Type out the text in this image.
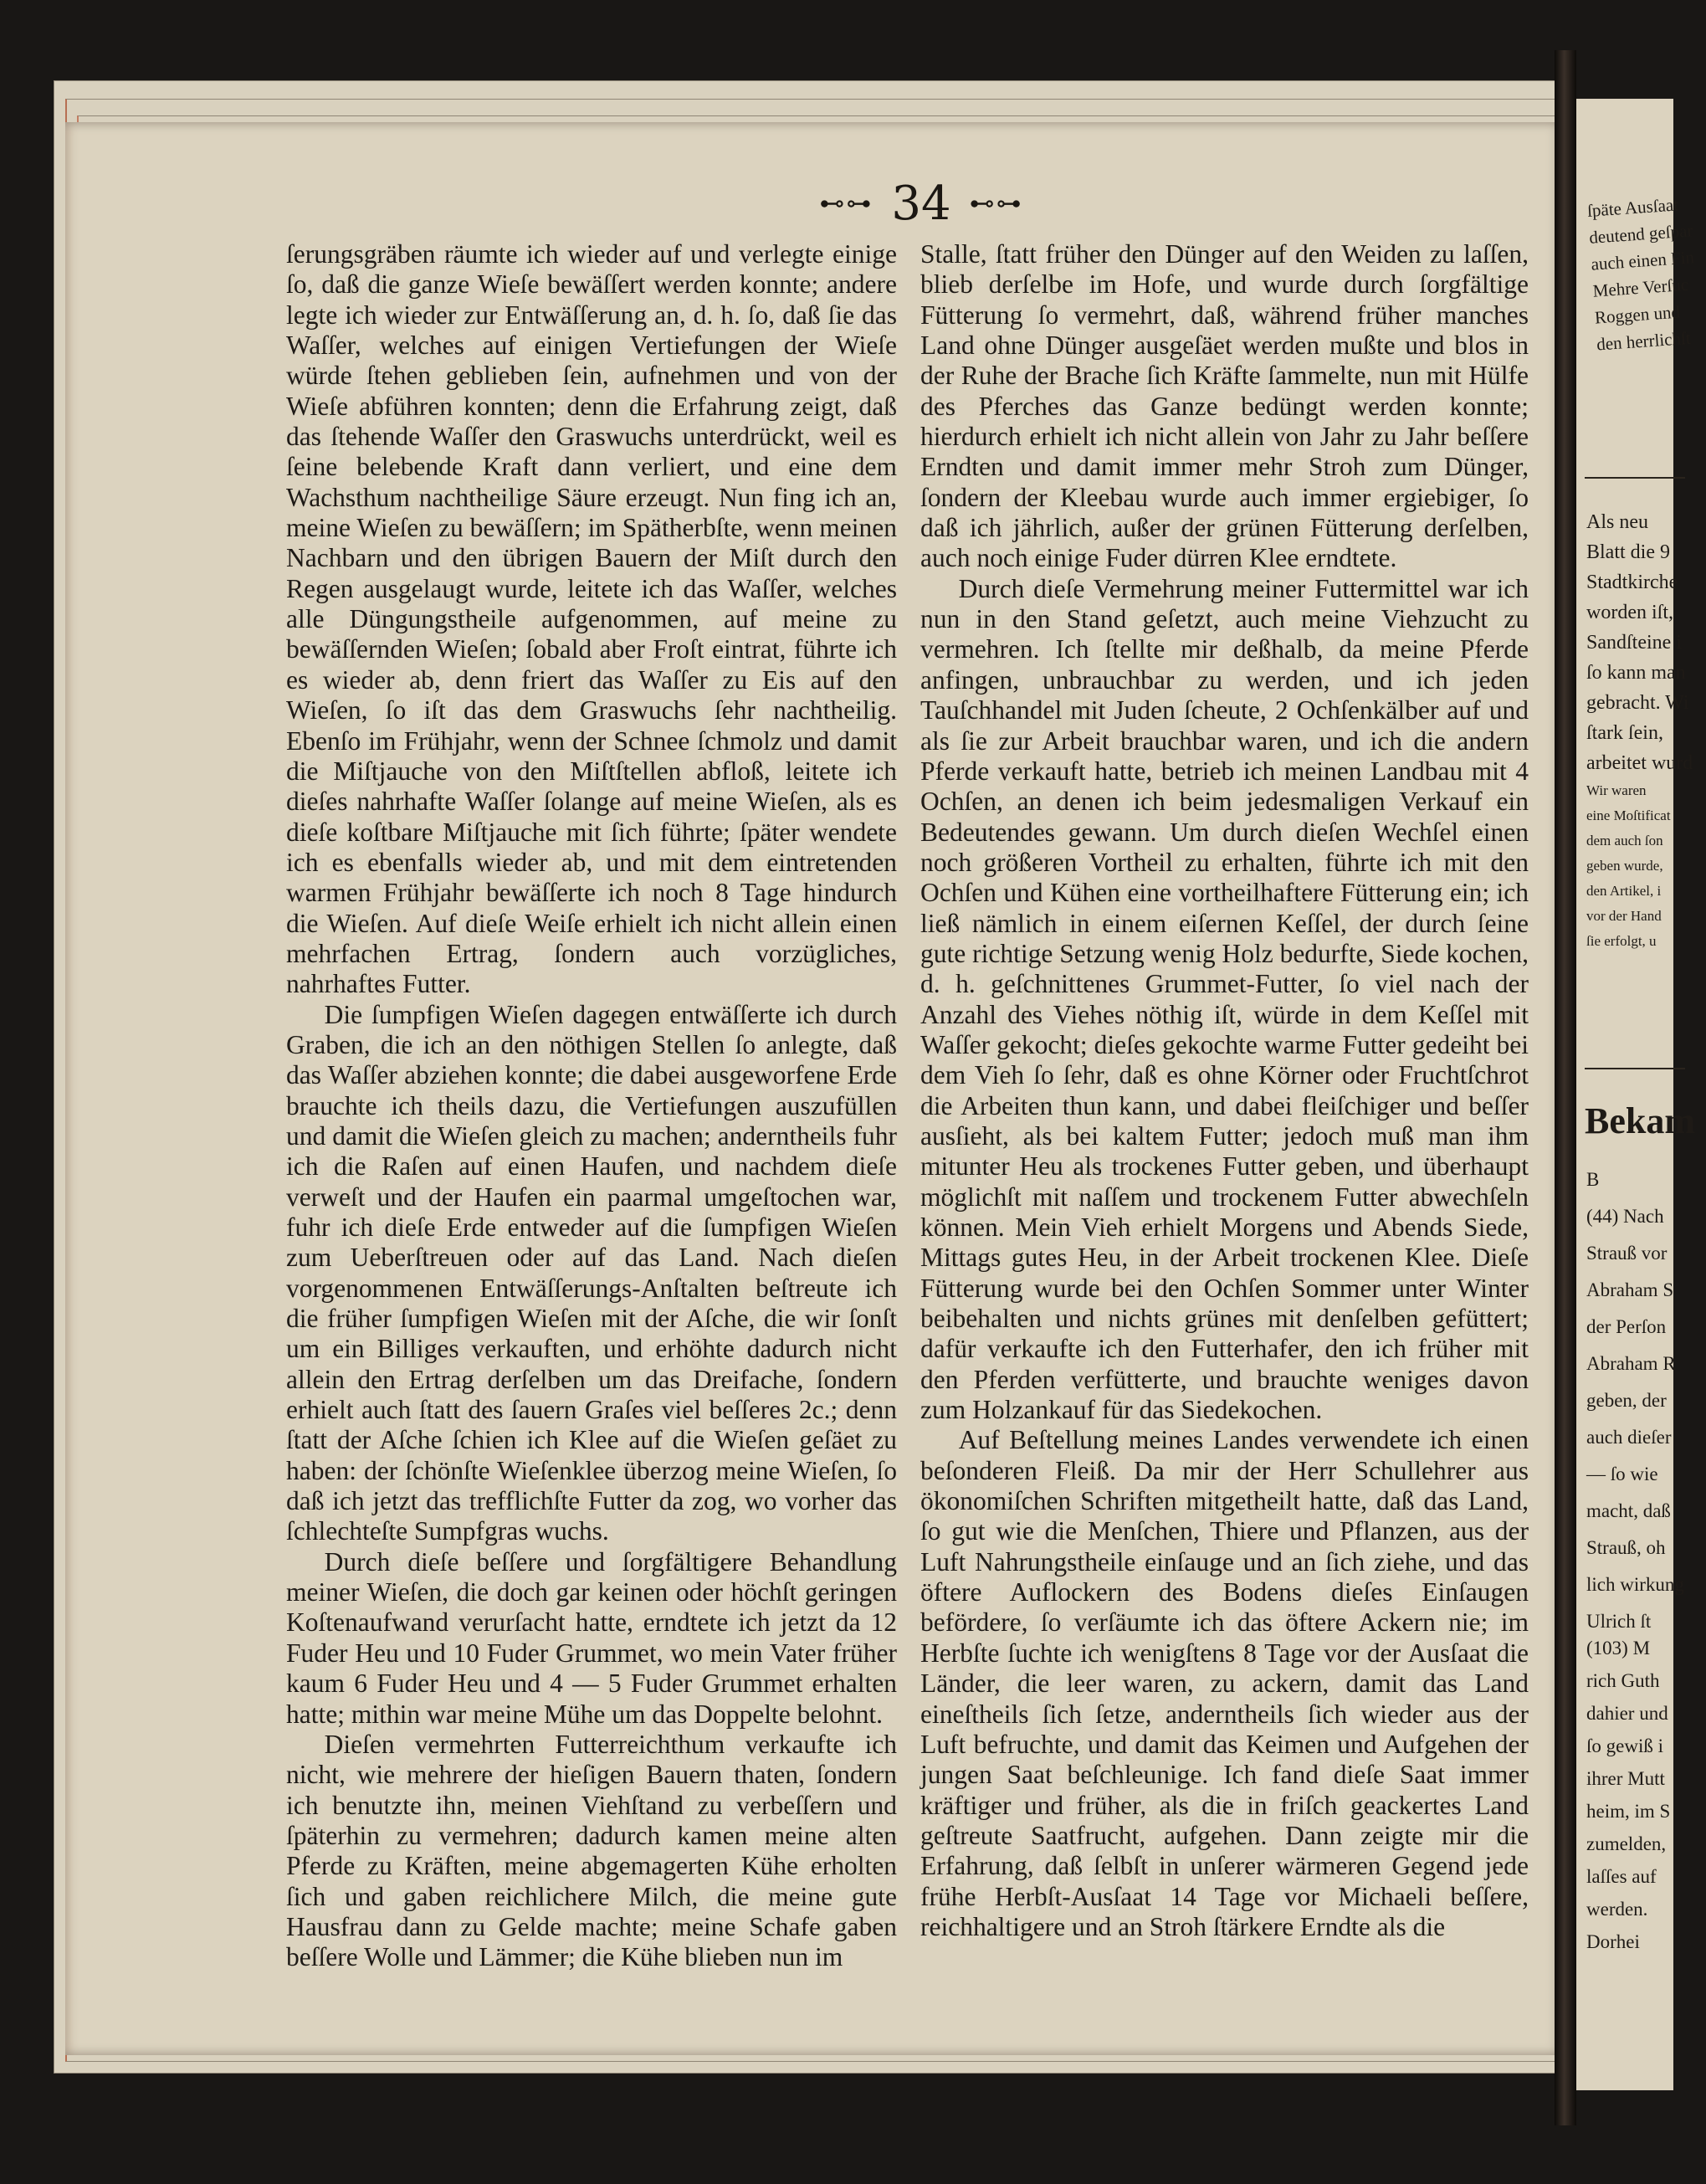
⊷⊶ 34 ⊷⊶

ſerungsgräben räumte ich wieder auf und verlegte einige ſo, daß die ganze Wieſe bewäſſert werden konnte; andere legte ich wieder zur Entwäſſerung an, d. h. ſo, daß ſie das Waſſer, welches auf einigen Vertiefungen der Wieſe würde ſtehen geblieben ſein, aufnehmen und von der Wieſe abführen konnten; denn die Erfahrung zeigt, daß das ſtehende Waſſer den Graswuchs unterdrückt, weil es ſeine belebende Kraft dann verliert, und eine dem Wachsthum nachtheilige Säure erzeugt. Nun fing ich an, meine Wieſen zu bewäſſern; im Spätherbſte, wenn meinen Nachbarn und den übrigen Bauern der Miſt durch den Regen ausgelaugt wurde, leitete ich das Waſſer, welches alle Düngungstheile aufgenommen, auf meine zu bewäſſernden Wieſen; ſobald aber Froſt eintrat, führte ich es wieder ab, denn friert das Waſſer zu Eis auf den Wieſen, ſo iſt das dem Graswuchs ſehr nachtheilig. Ebenſo im Frühjahr, wenn der Schnee ſchmolz und damit die Miſtjauche von den Miſtſtellen abfloß, leitete ich dieſes nahrhafte Waſſer ſolange auf meine Wieſen, als es dieſe koſtbare Miſtjauche mit ſich führte; ſpäter wendete ich es ebenfalls wieder ab, und mit dem eintretenden warmen Frühjahr bewäſſerte ich noch 8 Tage hindurch die Wieſen. Auf dieſe Weiſe erhielt ich nicht allein einen mehrfachen Ertrag, ſondern auch vorzügliches, nahrhaftes Futter.

Die ſumpfigen Wieſen dagegen entwäſſerte ich durch Graben, die ich an den nöthigen Stellen ſo anlegte, daß das Waſſer abziehen konnte; die dabei ausgeworfene Erde brauchte ich theils dazu, die Vertiefungen auszufüllen und damit die Wieſen gleich zu machen; anderntheils fuhr ich die Raſen auf einen Haufen, und nachdem dieſe verweſt und der Haufen ein paarmal umgeſtochen war, fuhr ich dieſe Erde entweder auf die ſumpfigen Wieſen zum Ueberſtreuen oder auf das Land. Nach dieſen vorgenommenen Entwäſſerungs-Anſtalten beſtreute ich die früher ſumpfigen Wieſen mit der Aſche, die wir ſonſt um ein Billiges verkauften, und erhöhte dadurch nicht allein den Ertrag derſelben um das Dreifache, ſondern erhielt auch ſtatt des ſauern Graſes viel beſſeres 2c.; denn ſtatt der Aſche ſchien ich Klee auf die Wieſen geſäet zu haben: der ſchönſte Wieſenklee überzog meine Wieſen, ſo daß ich jetzt das trefflichſte Futter da zog, wo vorher das ſchlechteſte Sumpfgras wuchs.

Durch dieſe beſſere und ſorgfältigere Behandlung meiner Wieſen, die doch gar keinen oder höchſt geringen Koſtenaufwand verurſacht hatte, erndtete ich jetzt da 12 Fuder Heu und 10 Fuder Grummet, wo mein Vater früher kaum 6 Fuder Heu und 4 — 5 Fuder Grummet erhalten hatte; mithin war meine Mühe um das Doppelte belohnt.

Dieſen vermehrten Futterreichthum verkaufte ich nicht, wie mehrere der hieſigen Bauern thaten, ſondern ich benutzte ihn, meinen Viehſtand zu verbeſſern und ſpäterhin zu vermehren; dadurch kamen meine alten Pferde zu Kräften, meine abgemagerten Kühe erholten ſich und gaben reichlichere Milch, die meine gute Hausfrau dann zu Gelde machte; meine Schafe gaben beſſere Wolle und Lämmer; die Kühe blieben nun im

Stalle, ſtatt früher den Dünger auf den Weiden zu laſſen, blieb derſelbe im Hofe, und wurde durch ſorgfältige Fütterung ſo vermehrt, daß, während früher manches Land ohne Dünger ausgeſäet werden mußte und blos in der Ruhe der Brache ſich Kräfte ſammelte, nun mit Hülfe des Pferches das Ganze bedüngt werden konnte; hierdurch erhielt ich nicht allein von Jahr zu Jahr beſſere Erndten und damit immer mehr Stroh zum Dünger, ſondern der Kleebau wurde auch immer ergiebiger, ſo daß ich jährlich, außer der grünen Fütterung derſelben, auch noch einige Fuder dürren Klee erndtete.

Durch dieſe Vermehrung meiner Futtermittel war ich nun in den Stand geſetzt, auch meine Viehzucht zu vermehren. Ich ſtellte mir deßhalb, da meine Pferde anfingen, unbrauchbar zu werden, und ich jeden Tauſchhandel mit Juden ſcheute, 2 Ochſenkälber auf und als ſie zur Arbeit brauchbar waren, und ich die andern Pferde verkauft hatte, betrieb ich meinen Landbau mit 4 Ochſen, an denen ich beim jedesmaligen Verkauf ein Bedeutendes gewann. Um durch dieſen Wechſel einen noch größeren Vortheil zu erhalten, führte ich mit den Ochſen und Kühen eine vortheilhaftere Fütterung ein; ich ließ nämlich in einem eiſernen Keſſel, der durch ſeine gute richtige Setzung wenig Holz bedurfte, Siede kochen, d. h. geſchnittenes Grummet-Futter, ſo viel nach der Anzahl des Viehes nöthig iſt, würde in dem Keſſel mit Waſſer gekocht; dieſes gekochte warme Futter gedeiht bei dem Vieh ſo ſehr, daß es ohne Körner oder Fruchtſchrot die Arbeiten thun kann, und dabei fleiſchiger und beſſer ausſieht, als bei kaltem Futter; jedoch muß man ihm mitunter Heu als trockenes Futter geben, und überhaupt möglichſt mit naſſem und trockenem Futter abwechſeln können. Mein Vieh erhielt Morgens und Abends Siede, Mittags gutes Heu, in der Arbeit trockenen Klee. Dieſe Fütterung wurde bei den Ochſen Sommer unter Winter beibehalten und nichts grünes mit denſelben gefüttert; dafür verkaufte ich den Futterhafer, den ich früher mit den Pferden verfütterte, und brauchte weniges davon zum Holzankauf für das Siedekochen.

Auf Beſtellung meines Landes verwendete ich einen beſonderen Fleiß. Da mir der Herr Schullehrer aus ökonomiſchen Schriften mitgetheilt hatte, daß das Land, ſo gut wie die Menſchen, Thiere und Pflanzen, aus der Luft Nahrungstheile einſauge und an ſich ziehe, und das öftere Auflockern des Bodens dieſes Einſaugen befördere, ſo verſäumte ich das öftere Ackern nie; im Herbſte ſuchte ich wenigſtens 8 Tage vor der Ausſaat die Länder, die leer waren, zu ackern, damit das Land eineſtheils ſich ſetze, anderntheils ſich wieder aus der Luft befruchte, und damit das Keimen und Aufgehen der jungen Saat beſchleunige. Ich fand dieſe Saat immer kräftiger und früher, als die in friſch geackertes Land geſtreute Saatfrucht, aufgehen. Dann zeigte mir die Erfahrung, daß ſelbſt in unſerer wärmeren Gegend jede frühe Herbſt-Ausſaat 14 Tage vor Michaeli beſſere, reichhaltigere und an Stroh ſtärkere Erndte als die

ſpäte Ausſaat
deutend geſpar
auch einen Fin
Mehre Verſuc
Roggen und
den herrlichſt
Als neu
Blatt die 9
Stadtkirche
worden iſt,
Sandſteine i
ſo kann man
gebracht. Wi
ſtark ſein,
arbeitet wurd
Wir waren
eine Moſtificat
dem auch ſon
geben wurde,
den Artikel, i
vor der Hand
ſie erfolgt, u
Bekam
B
(44) Nach
Strauß vor
Abraham S
der Perſon
Abraham R
geben, der
auch dieſer
— ſo wie
macht, daß
Strauß, oh
lich wirkung
Ulrich ſt
(103) M
rich Guth
dahier und
ſo gewiß i
ihrer Mutt
heim, im S
zumelden,
laſſes auf
werden.
Dorhei
